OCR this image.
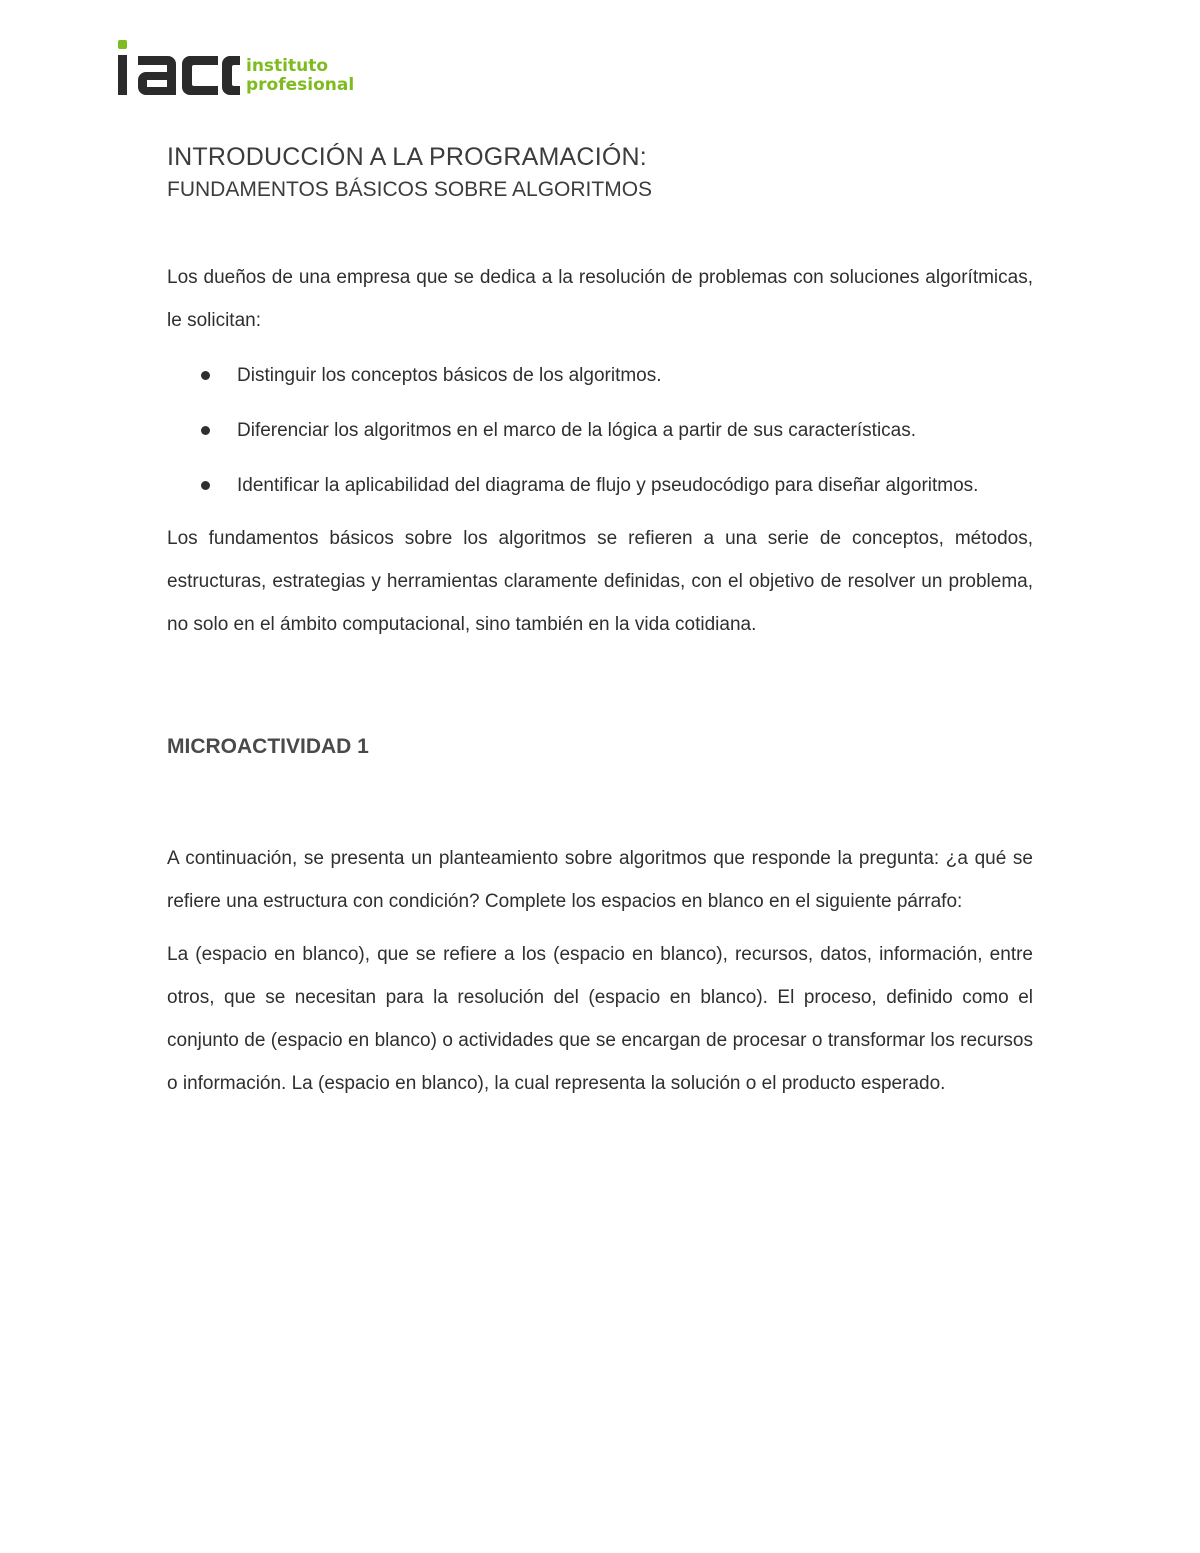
instituto
profesional
INTRODUCCIÓN A LA PROGRAMACIÓN:
FUNDAMENTOS BÁSICOS SOBRE ALGORITMOS

Los dueños de una empresa que se dedica a la resolución de problemas con soluciones algorítmicas, le solicitan:

Distinguir los conceptos básicos de los algoritmos.
Diferenciar los algoritmos en el marco de la lógica a partir de sus características.
Identificar la aplicabilidad del diagrama de flujo y pseudocódigo para diseñar algoritmos.

Los fundamentos básicos sobre los algoritmos se refieren a una serie de conceptos, métodos, estructuras, estrategias y herramientas claramente definidas, con el objetivo de resolver un problema, no solo en el ámbito computacional, sino también en la vida cotidiana.

MICROACTIVIDAD 1

A continuación, se presenta un planteamiento sobre algoritmos que responde la pregunta: ¿a qué se refiere una estructura con condición? Complete los espacios en blanco en el siguiente párrafo:

La (espacio en blanco), que se refiere a los (espacio en blanco), recursos, datos, información, entre otros, que se necesitan para la resolución del (espacio en blanco). El proceso, definido como el conjunto de (espacio en blanco) o actividades que se encargan de procesar o transformar los recursos o información. La (espacio en blanco), la cual representa la solución o el producto esperado.
